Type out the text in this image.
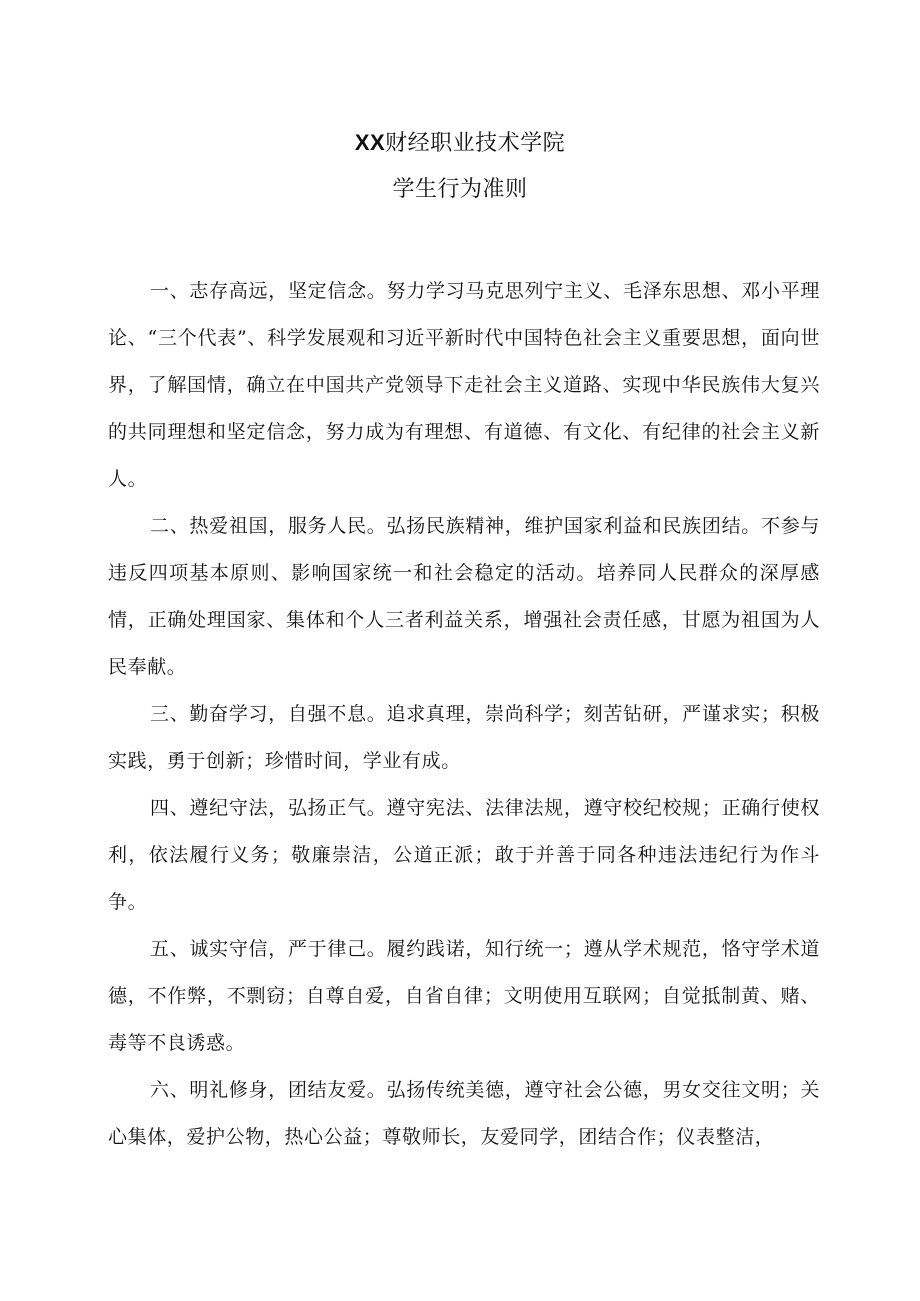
XX财经职业技术学院

学生行为准则

一、志存高远，坚定信念。努力学习马克思列宁主义、毛泽东思想、邓小平理论、“三个代表”、科学发展观和习近平新时代中国特色社会主义重要思想，面向世界，了解国情，确立在中国共产党领导下走社会主义道路、实现中华民族伟大复兴的共同理想和坚定信念，努力成为有理想、有道德、有文化、有纪律的社会主义新人。

二、热爱祖国，服务人民。弘扬民族精神，维护国家利益和民族团结。不参与违反四项基本原则、影响国家统一和社会稳定的活动。培养同人民群众的深厚感情，正确处理国家、集体和个人三者利益关系，增强社会责任感，甘愿为祖国为人民奉献。

三、勤奋学习，自强不息。追求真理，崇尚科学；刻苦钻研，严谨求实；积极实践，勇于创新；珍惜时间，学业有成。

四、遵纪守法，弘扬正气。遵守宪法、法律法规，遵守校纪校规；正确行使权利，依法履行义务；敬廉崇洁，公道正派；敢于并善于同各种违法违纪行为作斗争。

五、诚实守信，严于律己。履约践诺，知行统一；遵从学术规范，恪守学术道德，不作弊，不剽窃；自尊自爱，自省自律；文明使用互联网；自觉抵制黄、赌、毒等不良诱惑。

六、明礼修身，团结友爱。弘扬传统美德，遵守社会公德，男女交往文明；关心集体，爱护公物，热心公益；尊敬师长，友爱同学，团结合作；仪表整洁，
